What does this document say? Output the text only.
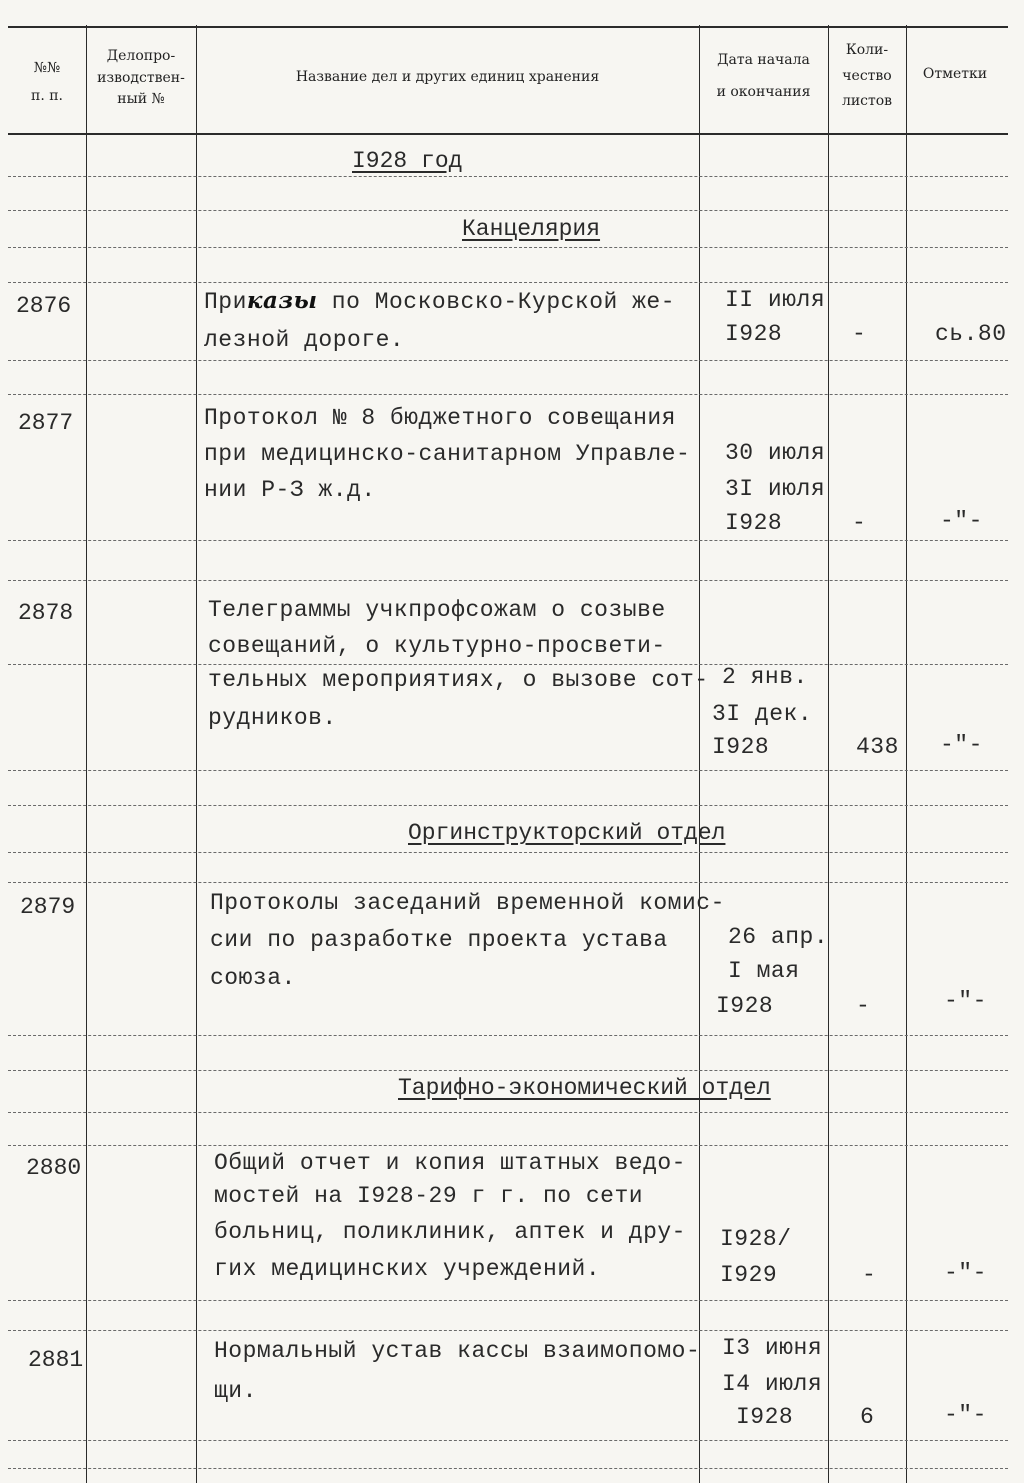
№№
п. п.
Делопро-
изводствен-
ный №
Название дел и других единиц хранения
Дата начала
и окончания
Коли-
чество
листов
Отметки
I928 год
Канцелярия
2876	Приказы по Московско-Курской же-
лезной дороге.
II июля
I928	-	сь.80
2877	Протокол № 8 бюджетного совещания
при медицинско-санитарном Управле-
нии Р-З ж.д.
30 июля
3I июля
I928	-	-"-
2878	Телеграммы учкпрофсожам о созыве
совещаний, о культурно-просвети-
тельных мероприятиях, о вызове сот-
рудников.
2 янв.
3I дек.
I928	438 -"-
Оргинструкторский отдел
2879	Протоколы заседаний временной комис-
сии по разработке проекта устава
союза.
26 апр.
I мая
I928	-	-"-
Тарифно-экономический отдел
2880	Общий отчет и копия штатных ведо-
мостей на I928-29 г г. по сети
больниц, поликлиник, аптек и дру-
гих медицинских учреждений.
I928/
I929	-	-"-
2881	Нормальный устав кассы взаимопомо-
щи.
I3 июня
I4 июля
I928	6	-"-
